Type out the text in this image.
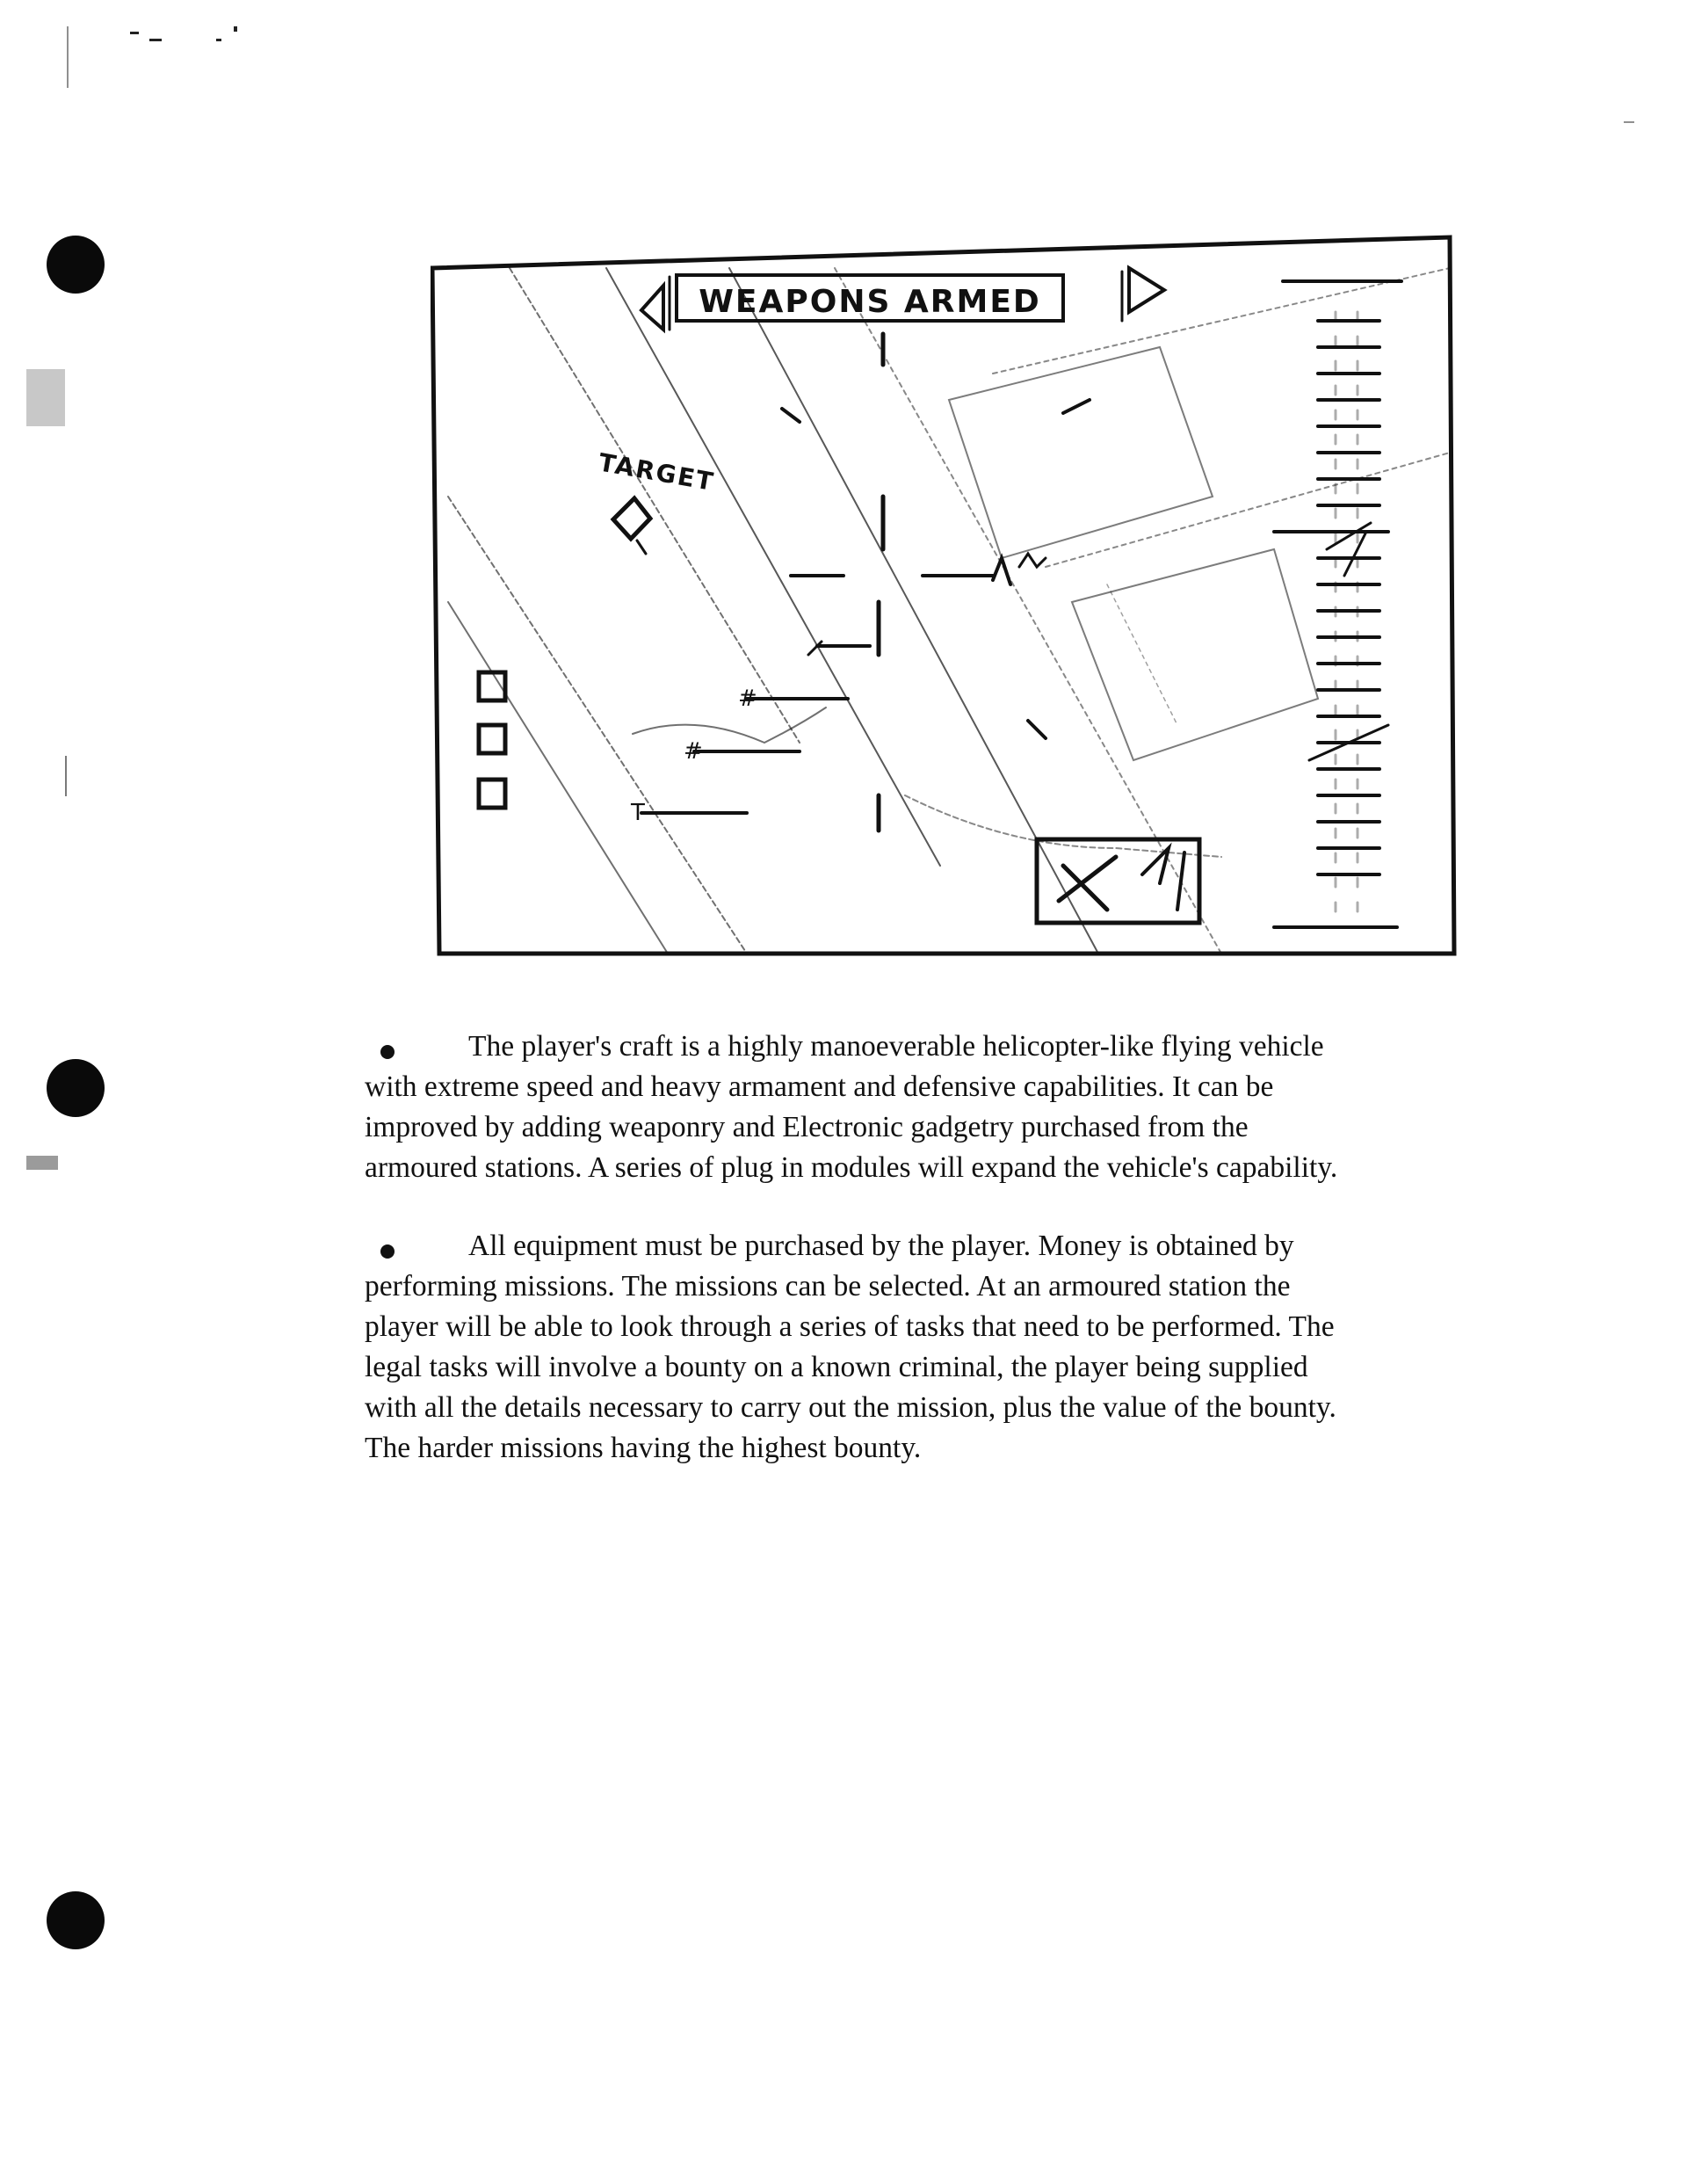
WEAPONS ARMED
#
#
T
TARGET

The player's craft is a highly manoeverable helicopter-like flying vehicle
with extreme speed and heavy armament and defensive capabilities. It can be
improved by adding weaponry and Electronic gadgetry purchased from the
armoured stations. A series of plug in modules will expand the vehicle's capability.

All equipment must be purchased by the player. Money is obtained by
performing missions. The missions can be selected. At an armoured station the
player will be able to look through a series of tasks that need to be performed. The
legal tasks will involve a bounty on a known criminal, the player being supplied
with all the details necessary to carry out the mission, plus the value of the bounty.
The harder missions having the highest bounty.
